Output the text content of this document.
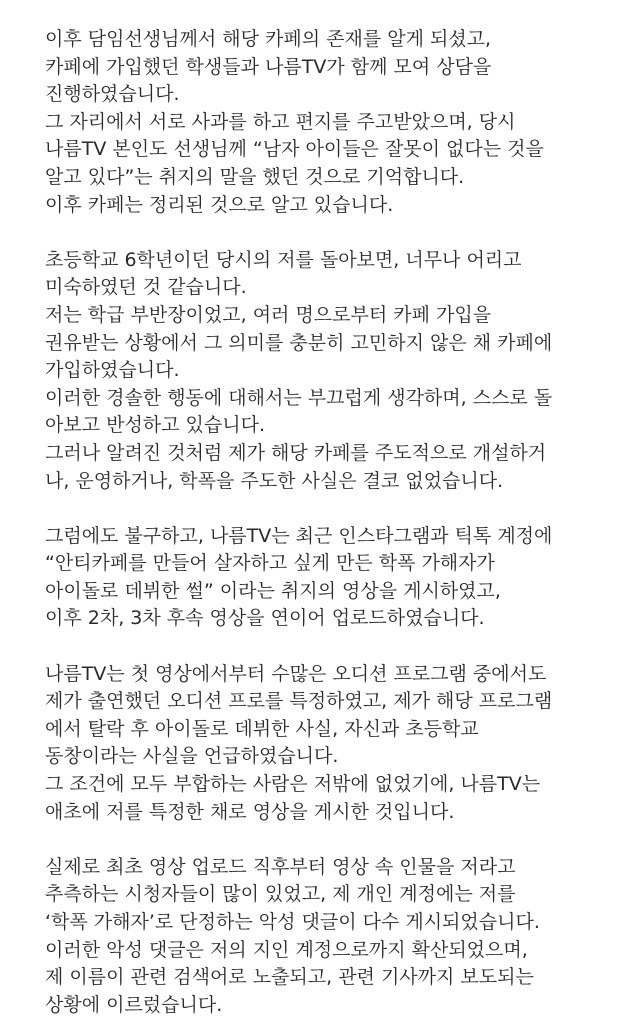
이후 담임선생님께서 해당 카페의 존재를 알게 되셨고,
카페에 가입했던 학생들과 나름TV가 함께 모여 상담을
진행하였습니다.
그 자리에서 서로 사과를 하고 편지를 주고받았으며, 당시
나름TV 본인도 선생님께 “남자 아이들은 잘못이 없다는 것을
알고 있다”는 취지의 말을 했던 것으로 기억합니다.
이후 카페는 정리된 것으로 알고 있습니다.
초등학교 6학년이던 당시의 저를 돌아보면, 너무나 어리고
미숙하였던 것 같습니다.
저는 학급 부반장이었고, 여러 명으로부터 카페 가입을
권유받는 상황에서 그 의미를 충분히 고민하지 않은 채 카페에
가입하였습니다.
이러한 경솔한 행동에 대해서는 부끄럽게 생각하며, 스스로 돌
아보고 반성하고 있습니다.
그러나 알려진 것처럼 제가 해당 카페를 주도적으로 개설하거
나, 운영하거나, 학폭을 주도한 사실은 결코 없었습니다.
그럼에도 불구하고, 나름TV는 최근 인스타그램과 틱톡 계정에
“안티카페를 만들어 살자하고 싶게 만든 학폭 가해자가
아이돌로 데뷔한 썰” 이라는 취지의 영상을 게시하였고,
이후 2차, 3차 후속 영상을 연이어 업로드하였습니다.
나름TV는 첫 영상에서부터 수많은 오디션 프로그램 중에서도
제가 출연했던 오디션 프로를 특정하였고, 제가 해당 프로그램
에서 탈락 후 아이돌로 데뷔한 사실, 자신과 초등학교
동창이라는 사실을 언급하였습니다.
그 조건에 모두 부합하는 사람은 저밖에 없었기에, 나름TV는
애초에 저를 특정한 채로 영상을 게시한 것입니다.
실제로 최초 영상 업로드 직후부터 영상 속 인물을 저라고
추측하는 시청자들이 많이 있었고, 제 개인 계정에는 저를
‘학폭 가해자’로 단정하는 악성 댓글이 다수 게시되었습니다.
이러한 악성 댓글은 저의 지인 계정으로까지 확산되었으며,
제 이름이 관련 검색어로 노출되고, 관련 기사까지 보도되는
상황에 이르렀습니다.
